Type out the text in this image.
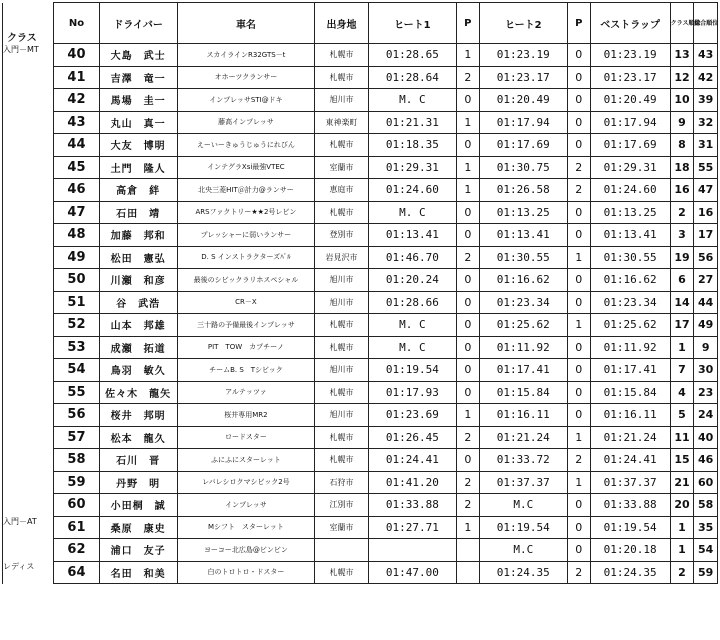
クラス	No	ドライバー	車名	出身地	ヒート1	P	ヒート2	P	ベストラップ	クラス順位	総合順位

入門－MT	40	大島　武士	スカイラインR32GTS－t	札幌市	01:28.65	1	01:23.19	0	01:23.19	13	43
	41	吉澤　竜一	オホーツクランサー	札幌市	01:28.64	2	01:23.17	0	01:23.17	12	42
	42	馬場　圭一	インプレッサSTI@ドキ	旭川市	M. C	0	01:20.49	0	01:20.49	10	39
	43	丸山　真一	藤高インプレッサ	東神楽町	01:21.31	1	01:17.94	0	01:17.94	9	32
	44	大友　博明	えーいーきゅうじゅうにれびん	札幌市	01:18.35	0	01:17.69	0	01:17.69	8	31
	45	土門　隆人	インテグラXsi最強VTEC	室蘭市	01:29.31	1	01:30.75	2	01:29.31	18	55
	46	高倉　絆	北央三菱HIT＠計力@ランサー	恵庭市	01:24.60	1	01:26.58	2	01:24.60	16	47
	47	石田　靖	ARSファクトリー★★2号レビン	札幌市	M. C	0	01:13.25	0	01:13.25	2	16
	48	加藤　邦和	プレッシャーに弱いランサー	登別市	01:13.41	0	01:13.41	0	01:13.41	3	17
	49	松田　憲弘	D. S インストラクターズﾊﾞﾙ	岩見沢市	01:46.70	2	01:30.55	1	01:30.55	19	56
	50	川瀬　和彦	最後のシビックラリホスペシャル	旭川市	01:20.24	0	01:16.62	0	01:16.62	6	27
	51	谷　武浩	CR－X	旭川市	01:28.66	0	01:23.34	0	01:23.34	14	44
	52	山本　邦雄	三十路の予備最後インプレッサ	札幌市	M. C	0	01:25.62	1	01:25.62	17	49
	53	成瀬　拓道	PIT　TOW　カプチーノ	札幌市	M. C	0	01:11.92	0	01:11.92	1	9
	54	鳥羽　敏久	チームB. S　Tシビック	旭川市	01:19.54	0	01:17.41	0	01:17.41	7	30
	55	佐々木　龍矢	アルテッツァ	札幌市	01:17.93	0	01:15.84	0	01:15.84	4	23
	56	桜井　邦明	桜井専用MR2	旭川市	01:23.69	1	01:16.11	0	01:16.11	5	24
	57	松本　龍久	ロードスター	札幌市	01:26.45	2	01:21.24	1	01:21.24	11	40
	58	石川　晋	ふにふにスターレット	札幌市	01:24.41	0	01:33.72	2	01:24.41	15	46
	59	丹野　明	レバレシロクマシビック2号	石狩市	01:41.20	2	01:37.37	1	01:37.37	21	60
	60	小田桐　誠	インプレッサ	江別市	01:33.88	2	M.C	0	01:33.88	20	58
入門－AT	61	桑原　康史	Mシフト　スターレット	室蘭市	01:27.71	1	01:19.54	0	01:19.54	1	35
	62	浦口　友子	ヨーコー北広島@ビンビン				M.C	0	01:20.18	1	54
レディス	64	名田　和美	白のトロトロ・ドスター	札幌市	01:47.00		01:24.35	2	01:24.35	2	59
